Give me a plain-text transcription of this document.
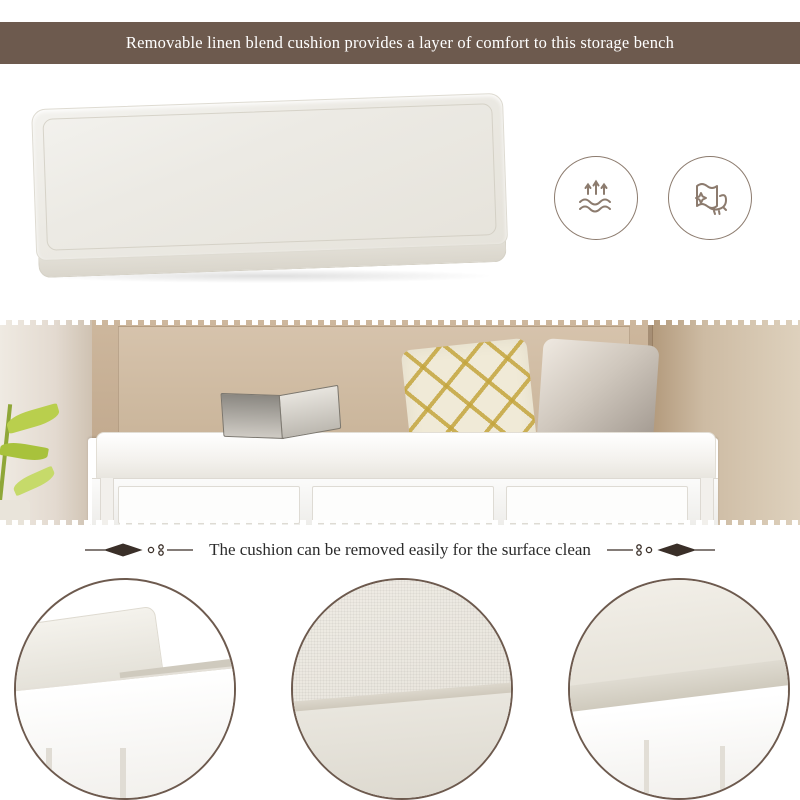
Removable linen blend cushion provides a layer of comfort to this storage bench
The cushion can be removed easily for the surface clean
